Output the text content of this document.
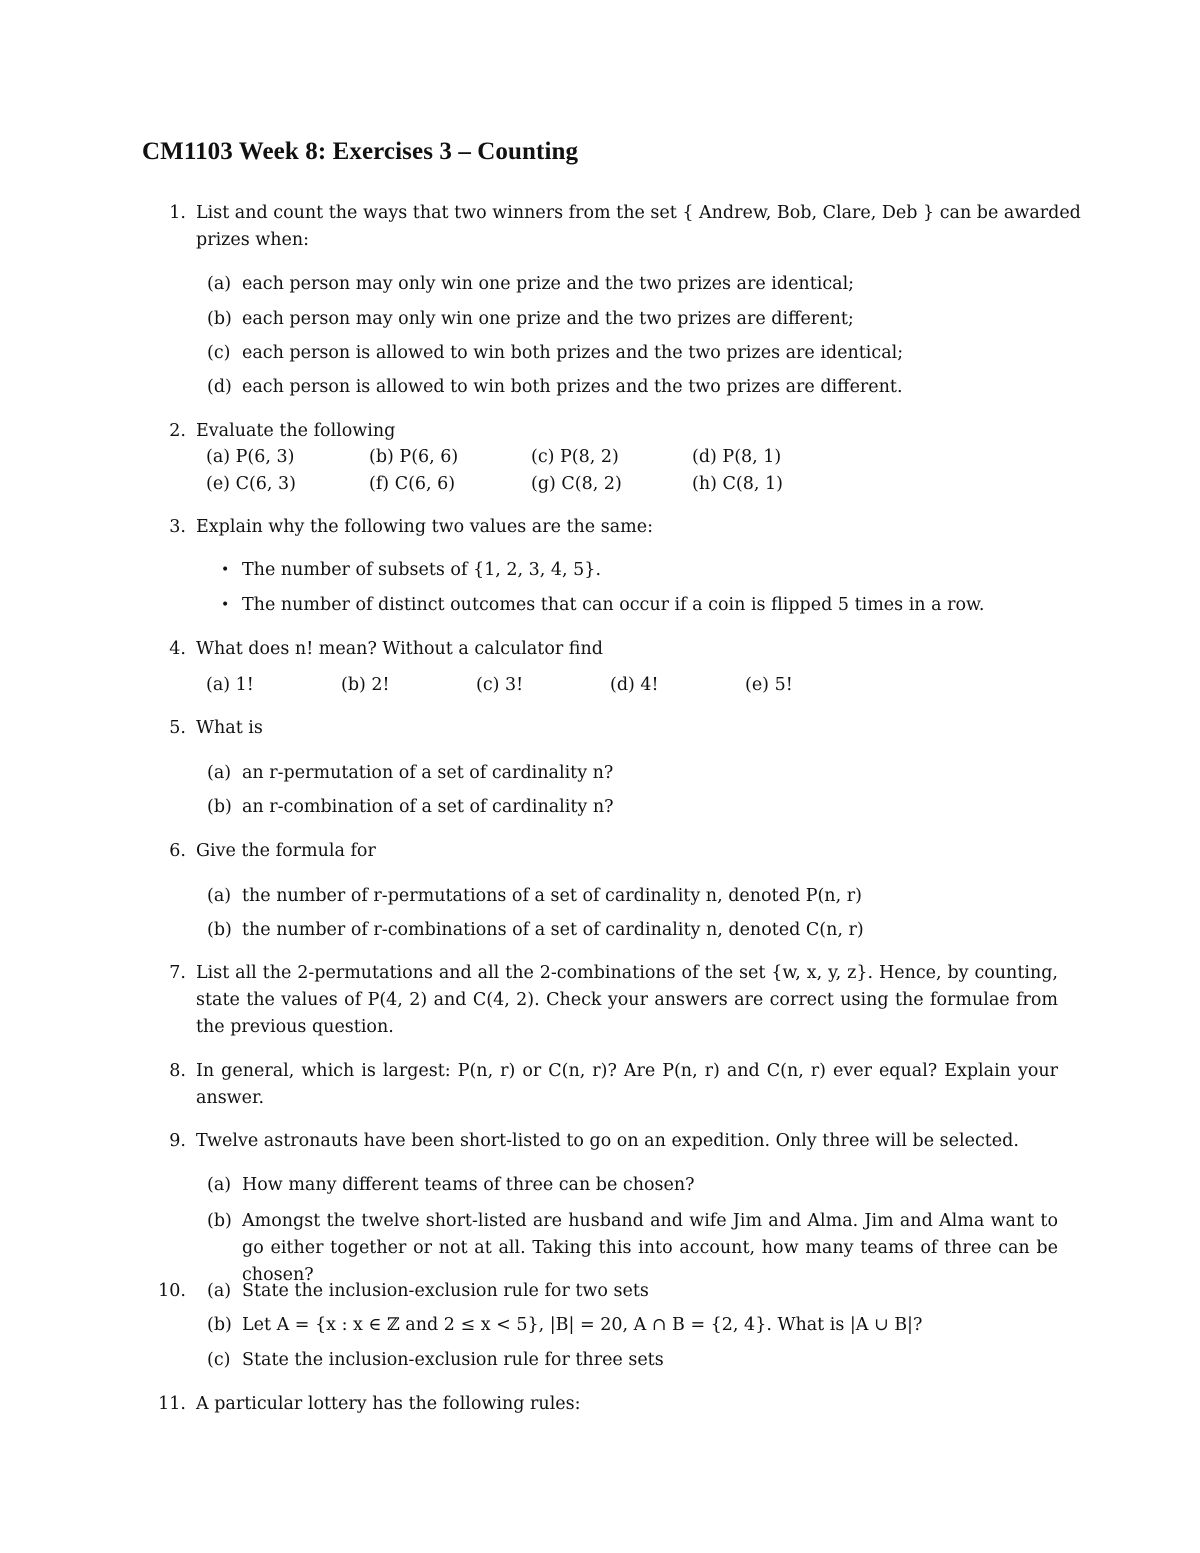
CM1103 Week 8: Exercises 3 – Counting
1. List and count the ways that two winners from the set { Andrew, Bob, Clare, Deb } can be awarded
prizes when:
(a) each person may only win one prize and the two prizes are identical;
(b) each person may only win one prize and the two prizes are different;
(c) each person is allowed to win both prizes and the two prizes are identical;
(d) each person is allowed to win both prizes and the two prizes are different.
2. Evaluate the following
(a) P(6, 3)	(b) P(6, 6)	(c) P(8, 2)	(d) P(8, 1)
(e) C(6, 3)	(f) C(6, 6)	(g) C(8, 2)	(h) C(8, 1)
3. Explain why the following two values are the same:
• The number of subsets of {1, 2, 3, 4, 5}.
• The number of distinct outcomes that can occur if a coin is flipped 5 times in a row.
4. What does n! mean? Without a calculator find
(a) 1!	(b) 2!	(c) 3!	(d) 4!	(e) 5!
5. What is
(a) an r-permutation of a set of cardinality n?
(b) an r-combination of a set of cardinality n?
6. Give the formula for
(a) the number of r-permutations of a set of cardinality n, denoted P(n, r)
(b) the number of r-combinations of a set of cardinality n, denoted C(n, r)
7. List all the 2-permutations and all the 2-combinations of the set {w, x, y, z}. Hence, by counting, state the values of P(4, 2) and C(4, 2). Check your answers are correct using the formulae from the previous question.
8. In general, which is largest: P(n, r) or C(n, r)? Are P(n, r) and C(n, r) ever equal? Explain your answer.
9. Twelve astronauts have been short-listed to go on an expedition. Only three will be selected.
(a) How many different teams of three can be chosen?
(b) Amongst the twelve short-listed are husband and wife Jim and Alma. Jim and Alma want to go either together or not at all. Taking this into account, how many teams of three can be chosen?
10. (a) State the inclusion-exclusion rule for two sets
(b) Let A = {x : x ∈ ℤ and 2 ≤ x < 5}, |B| = 20, A ∩ B = {2, 4}. What is |A ∪ B|?
(c) State the inclusion-exclusion rule for three sets
11. A particular lottery has the following rules:
